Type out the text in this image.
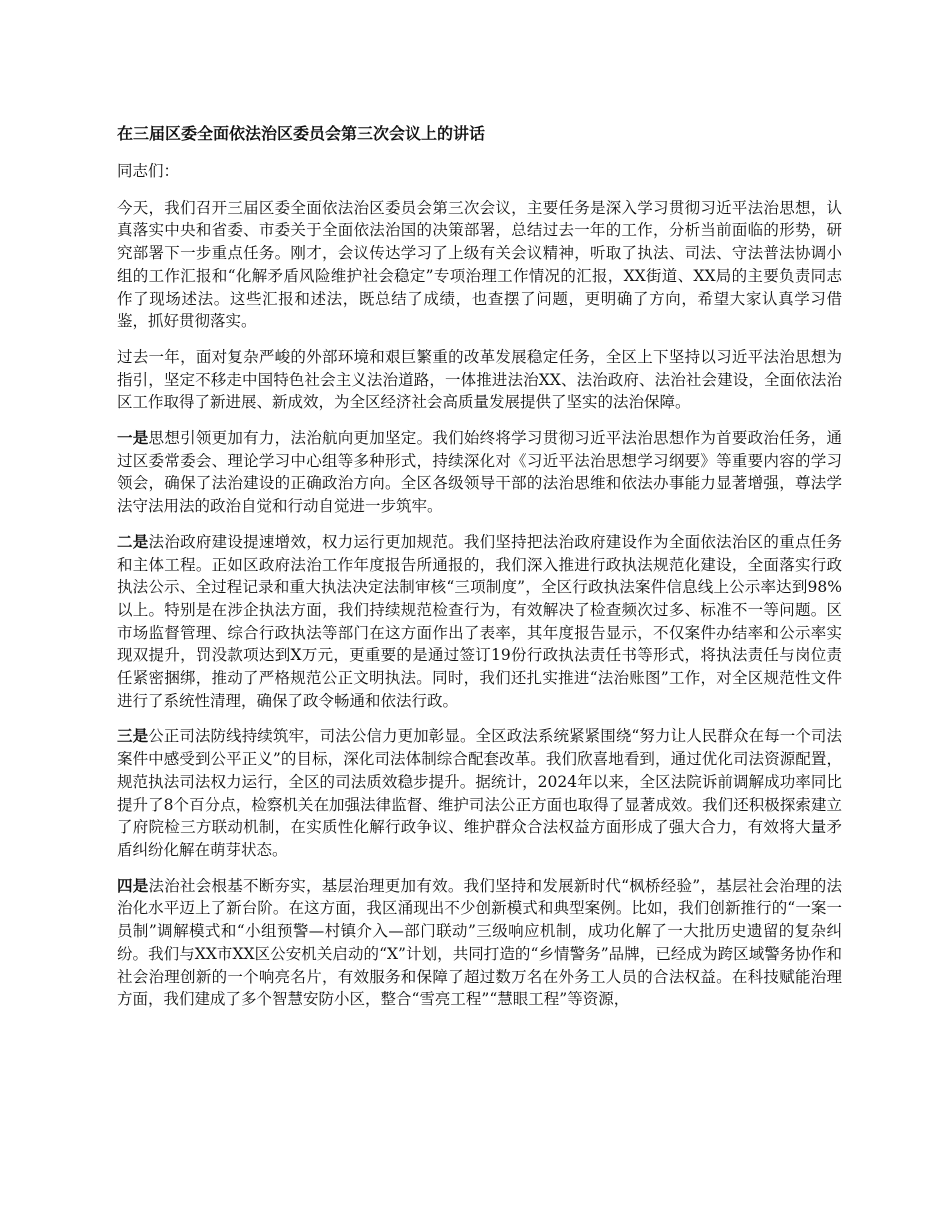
在三届区委全面依法治区委员会第三次会议上的讲话
同志们：

今天，我们召开三届区委全面依法治区委员会第三次会议，主要任务是深入学习贯彻习近平法治思想，认真落实中央和省委、市委关于全面依法治国的决策部署，总结过去一年的工作，分析当前面临的形势，研究部署下一步重点任务。刚才，会议传达学习了上级有关会议精神，听取了执法、司法、守法普法协调小组的工作汇报和“化解矛盾风险维护社会稳定”专项治理工作情况的汇报，XX街道、XX局的主要负责同志作了现场述法。这些汇报和述法，既总结了成绩，也查摆了问题，更明确了方向，希望大家认真学习借鉴，抓好贯彻落实。

过去一年，面对复杂严峻的外部环境和艰巨繁重的改革发展稳定任务，全区上下坚持以习近平法治思想为指引，坚定不移走中国特色社会主义法治道路，一体推进法治XX、法治政府、法治社会建设，全面依法治区工作取得了新进展、新成效，为全区经济社会高质量发展提供了坚实的法治保障。

一是思想引领更加有力，法治航向更加坚定。我们始终将学习贯彻习近平法治思想作为首要政治任务，通过区委常委会、理论学习中心组等多种形式，持续深化对《习近平法治思想学习纲要》等重要内容的学习领会，确保了法治建设的正确政治方向。全区各级领导干部的法治思维和依法办事能力显著增强，尊法学法守法用法的政治自觉和行动自觉进一步筑牢。

二是法治政府建设提速增效，权力运行更加规范。我们坚持把法治政府建设作为全面依法治区的重点任务和主体工程。正如区政府法治工作年度报告所通报的，我们深入推进行政执法规范化建设，全面落实行政执法公示、全过程记录和重大执法决定法制审核“三项制度”，全区行政执法案件信息线上公示率达到98%以上。特别是在涉企执法方面，我们持续规范检查行为，有效解决了检查频次过多、标准不一等问题。区市场监督管理、综合行政执法等部门在这方面作出了表率，其年度报告显示，不仅案件办结率和公示率实现双提升，罚没款项达到X万元，更重要的是通过签订19份行政执法责任书等形式，将执法责任与岗位责任紧密捆绑，推动了严格规范公正文明执法。同时，我们还扎实推进“法治账图”工作，对全区规范性文件进行了系统性清理，确保了政令畅通和依法行政。

三是公正司法防线持续筑牢，司法公信力更加彰显。全区政法系统紧紧围绕“努力让人民群众在每一个司法案件中感受到公平正义”的目标，深化司法体制综合配套改革。我们欣喜地看到，通过优化司法资源配置，规范执法司法权力运行，全区的司法质效稳步提升。据统计，2024年以来，全区法院诉前调解成功率同比提升了8个百分点，检察机关在加强法律监督、维护司法公正方面也取得了显著成效。我们还积极探索建立了府院检三方联动机制，在实质性化解行政争议、维护群众合法权益方面形成了强大合力，有效将大量矛盾纠纷化解在萌芽状态。

四是法治社会根基不断夯实，基层治理更加有效。我们坚持和发展新时代“枫桥经验”，基层社会治理的法治化水平迈上了新台阶。在这方面，我区涌现出不少创新模式和典型案例。比如，我们创新推行的“一案一员制”调解模式和“小组预警—村镇介入—部门联动”三级响应机制，成功化解了一大批历史遗留的复杂纠纷。我们与XX市XX区公安机关启动的“X”计划，共同打造的“乡情警务”品牌，已经成为跨区域警务协作和社会治理创新的一个响亮名片，有效服务和保障了超过数万名在外务工人员的合法权益。在科技赋能治理方面，我们建成了多个智慧安防小区，整合“雪亮工程”“慧眼工程”等资源，
